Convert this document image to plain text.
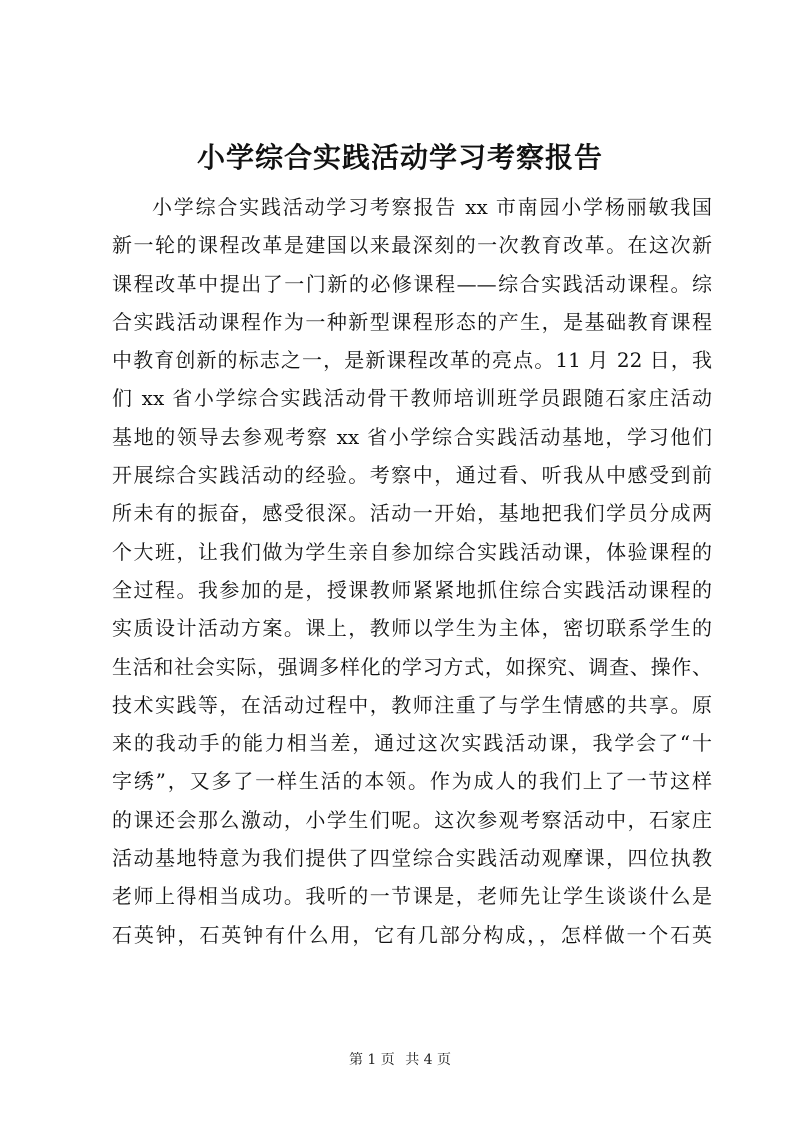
小学综合实践活动学习考察报告
小学综合实践活动学习考察报告 xx 市南园小学杨丽敏我国
新一轮的课程改革是建国以来最深刻的一次教育改革。在这次新
课程改革中提出了一门新的必修课程——综合实践活动课程。综
合实践活动课程作为一种新型课程形态的产生，是基础教育课程
中教育创新的标志之一，是新课程改革的亮点。11 月 22 日，我
们 xx 省小学综合实践活动骨干教师培训班学员跟随石家庄活动
基地的领导去参观考察 xx 省小学综合实践活动基地，学习他们
开展综合实践活动的经验。考察中，通过看、听我从中感受到前
所未有的振奋，感受很深。活动一开始，基地把我们学员分成两
个大班，让我们做为学生亲自参加综合实践活动课，体验课程的
全过程。我参加的是，授课教师紧紧地抓住综合实践活动课程的
实质设计活动方案。课上，教师以学生为主体，密切联系学生的
生活和社会实际，强调多样化的学习方式，如探究、调查、操作、
技术实践等，在活动过程中，教师注重了与学生情感的共享。原
来的我动手的能力相当差，通过这次实践活动课，我学会了“十
字绣”，又多了一样生活的本领。作为成人的我们上了一节这样
的课还会那么激动，小学生们呢。这次参观考察活动中，石家庄
活动基地特意为我们提供了四堂综合实践活动观摩课，四位执教
老师上得相当成功。我听的一节课是，老师先让学生谈谈什么是
石英钟，石英钟有什么用，它有几部分构成，，怎样做一个石英
第 1 页 共 4 页
